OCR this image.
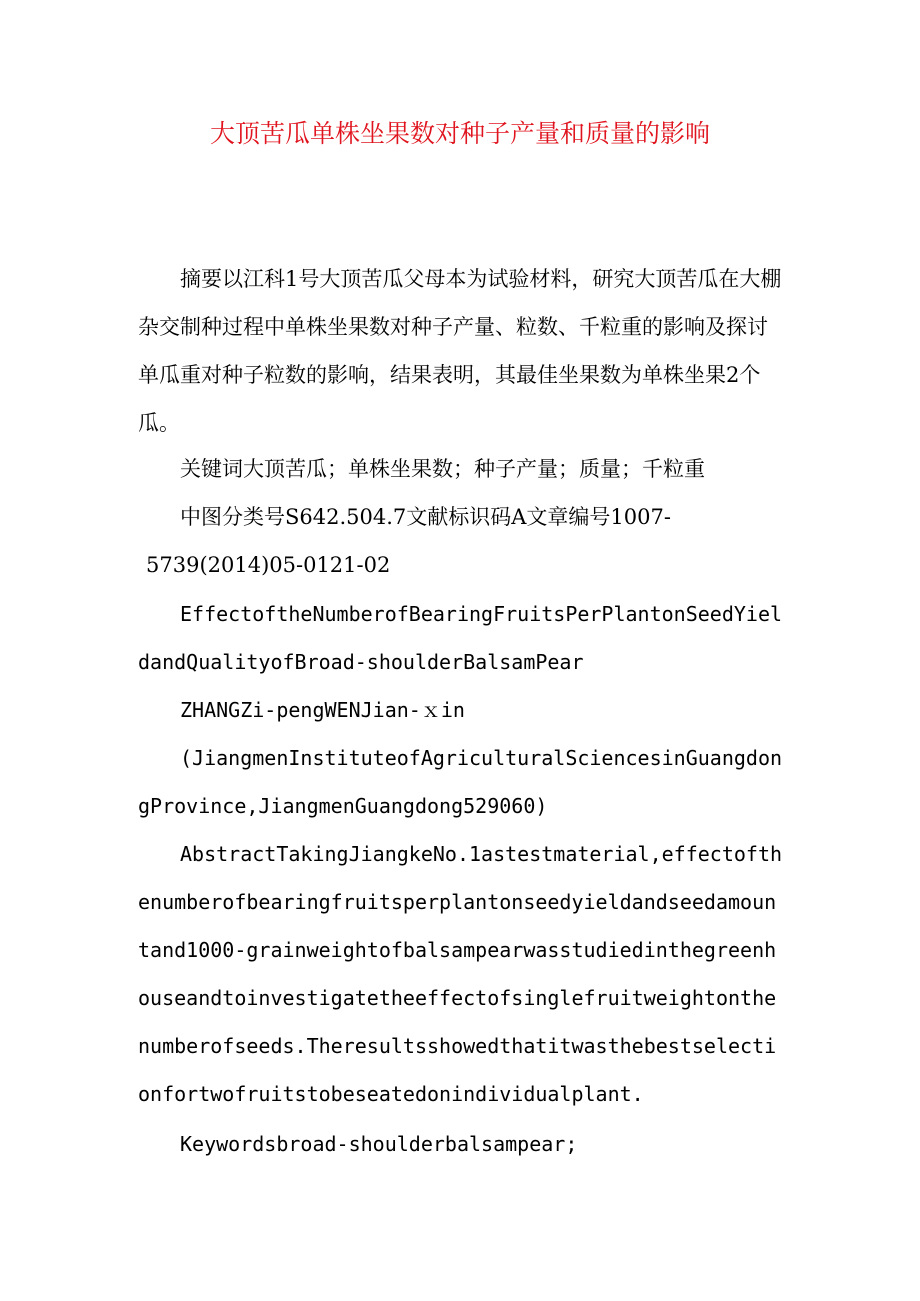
大顶苦瓜单株坐果数对种子产量和质量的影响

摘要以江科1号大顶苦瓜父母本为试验材料，研究大顶苦瓜在大棚杂交制种过程中单株坐果数对种子产量、粒数、千粒重的影响及探讨单瓜重对种子粒数的影响，结果表明，其最佳坐果数为单株坐果2个瓜。

关键词大顶苦瓜；单株坐果数；种子产量；质量；千粒重
中图分类号S642.504.7文献标识码A文章编号1007-
5739(2014)05-0121-02

EffectoftheNumberofBearingFruitsPerPlantonSeedYieldandQualityofBroad-shoulderBalsamPear

ZHANGZi-pengWENJian-ｘin

(JiangmenInstituteofAgriculturalSciencesinGuangdongProvince,JiangmenGuangdong529060)

AbstractTakingJiangkeNo.1astestmaterial,effectofthenumberofbearingfruitsperplantonseedyieldandseedamountand1000-grainweightofbalsampearwasstudiedinthegreenhouseandtoinvestigatetheeffectofsinglefruitweightonthenumberofseeds.Theresultsshowedthatitwasthebestselectionfortwofruitstobeseatedonindividualplant.

Keywordsbroad-shoulderbalsampear;
